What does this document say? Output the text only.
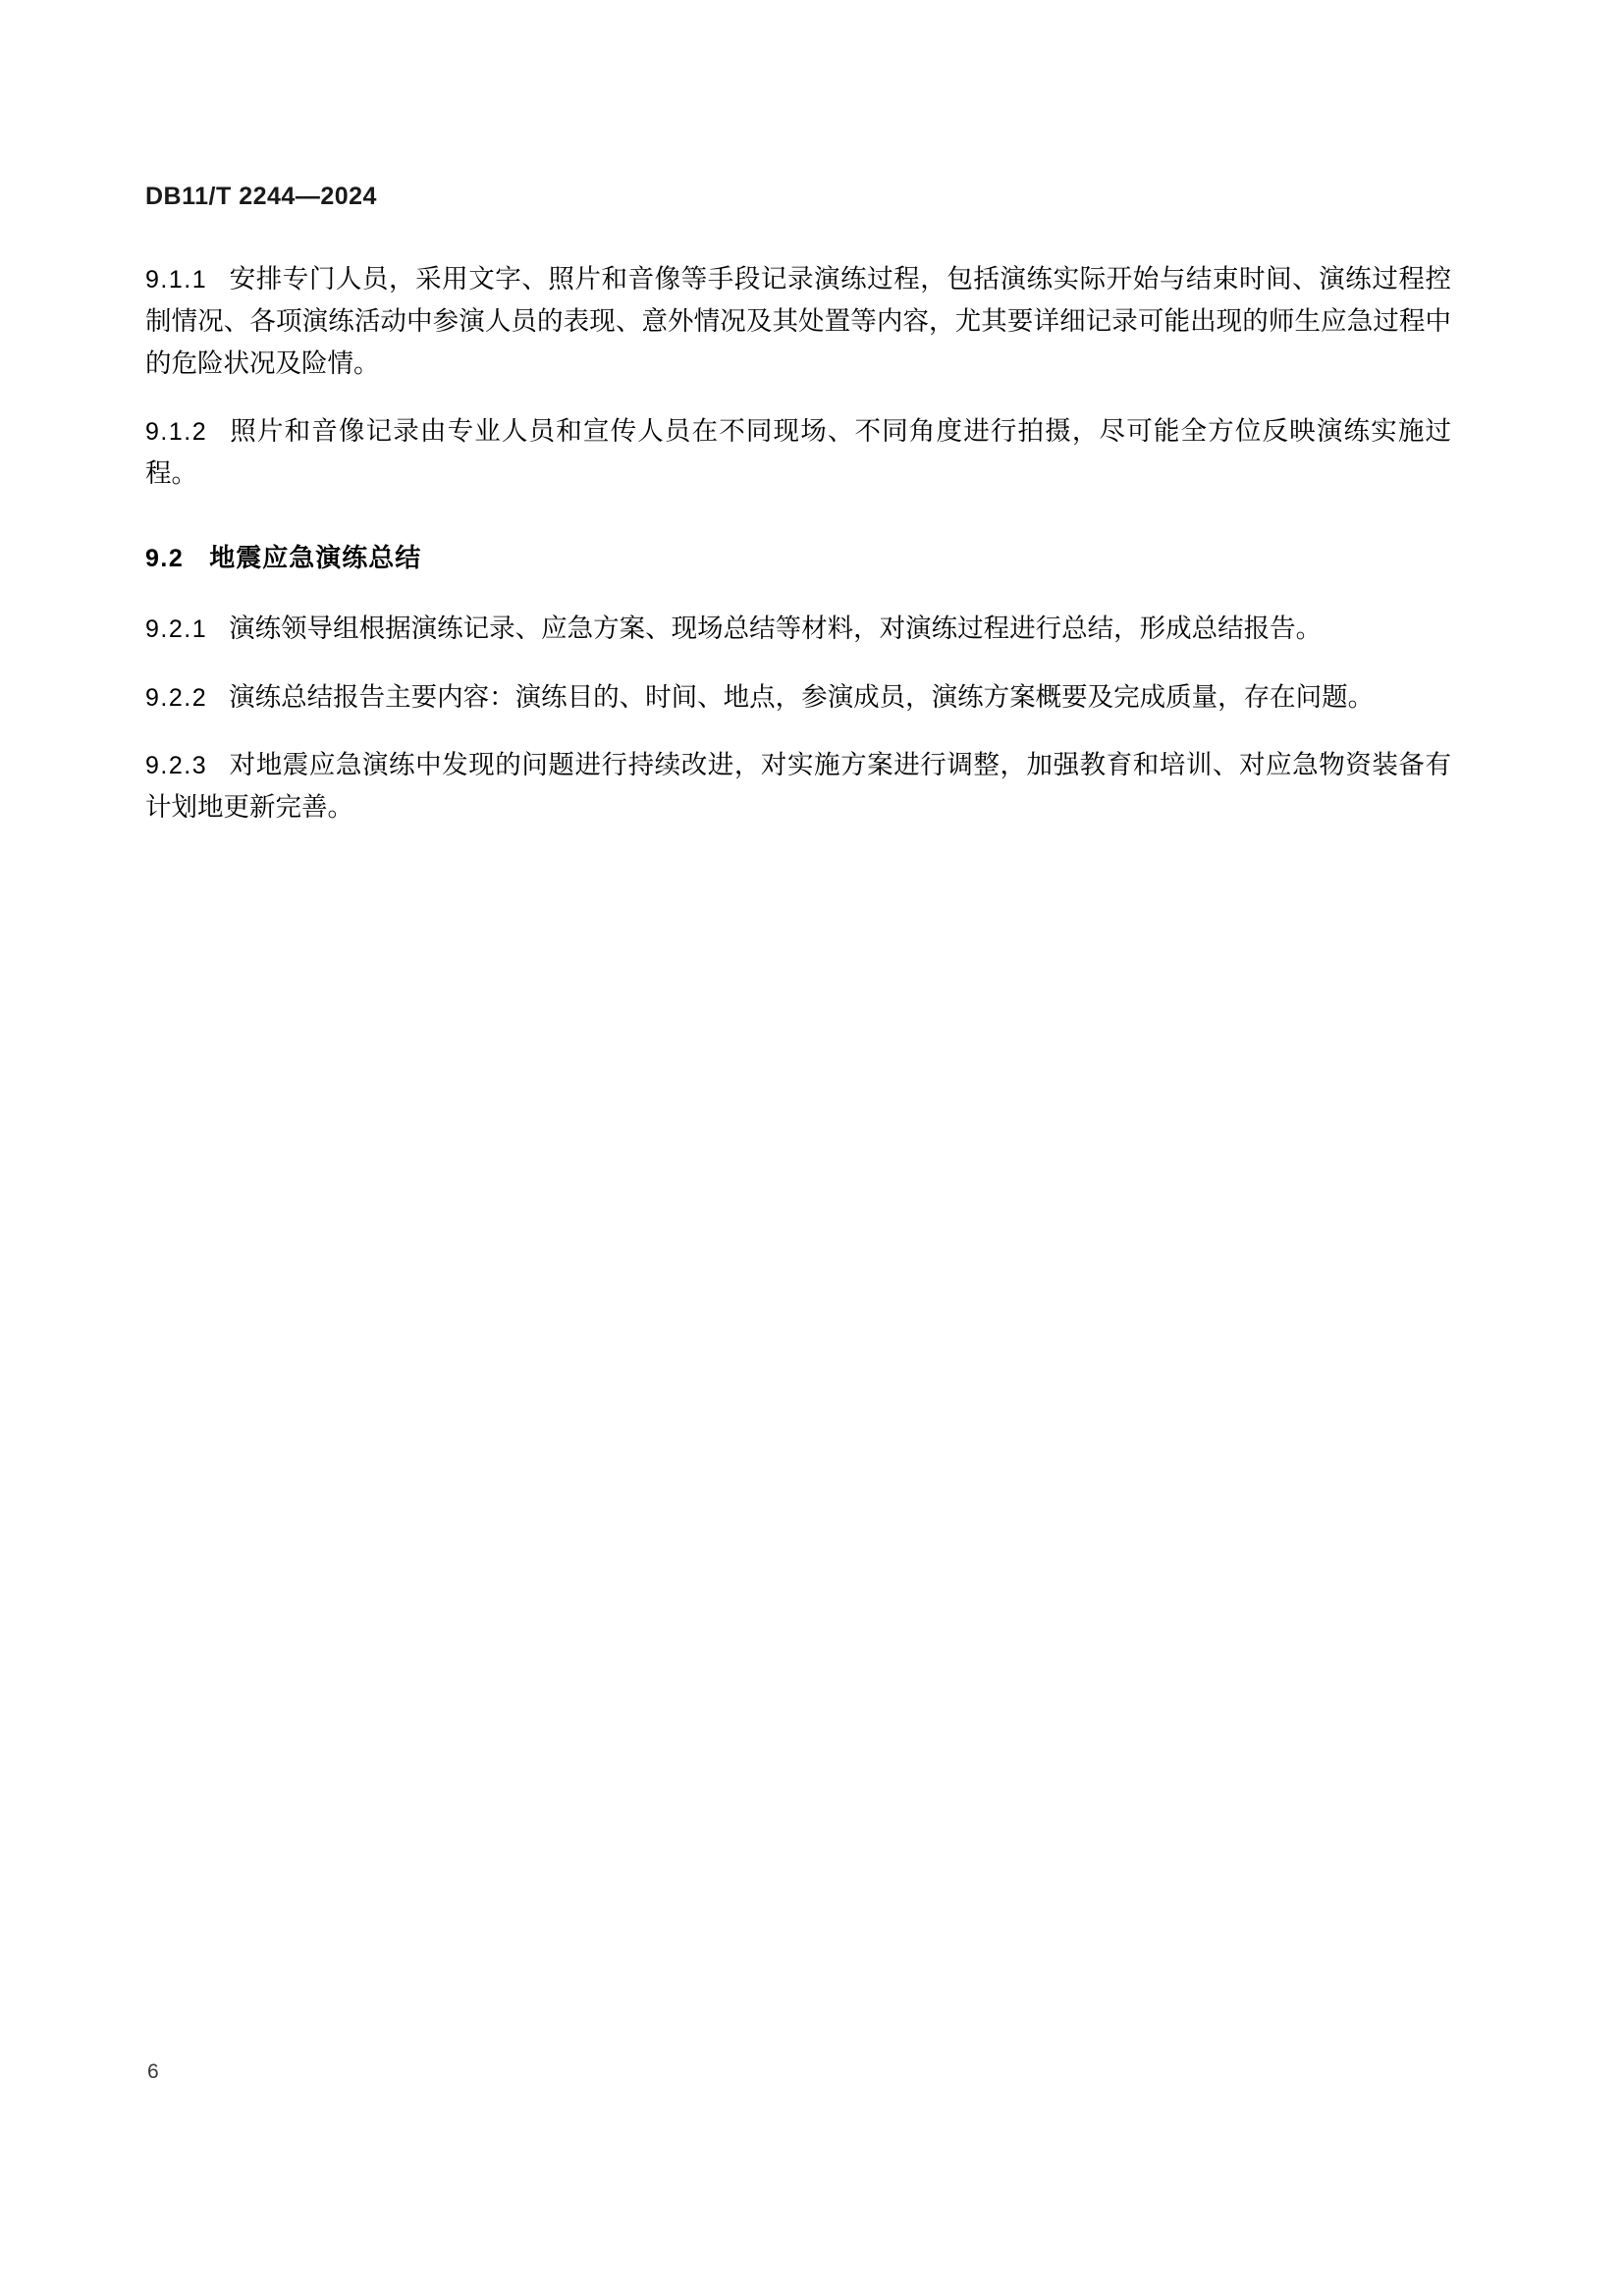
DB11/T 2244—2024

9.1.1 安排专门人员，采用文字、照片和音像等手段记录演练过程，包括演练实际开始与结束时间、演练过程控制情况、各项演练活动中参演人员的表现、意外情况及其处置等内容，尤其要详细记录可能出现的师生应急过程中的危险状况及险情。

9.1.2 照片和音像记录由专业人员和宣传人员在不同现场、不同角度进行拍摄，尽可能全方位反映演练实施过程。

9.2 地震应急演练总结

9.2.1 演练领导组根据演练记录、应急方案、现场总结等材料，对演练过程进行总结，形成总结报告。

9.2.2 演练总结报告主要内容：演练目的、时间、地点，参演成员，演练方案概要及完成质量，存在问题。

9.2.3 对地震应急演练中发现的问题进行持续改进，对实施方案进行调整，加强教育和培训、对应急物资装备有计划地更新完善。

6
